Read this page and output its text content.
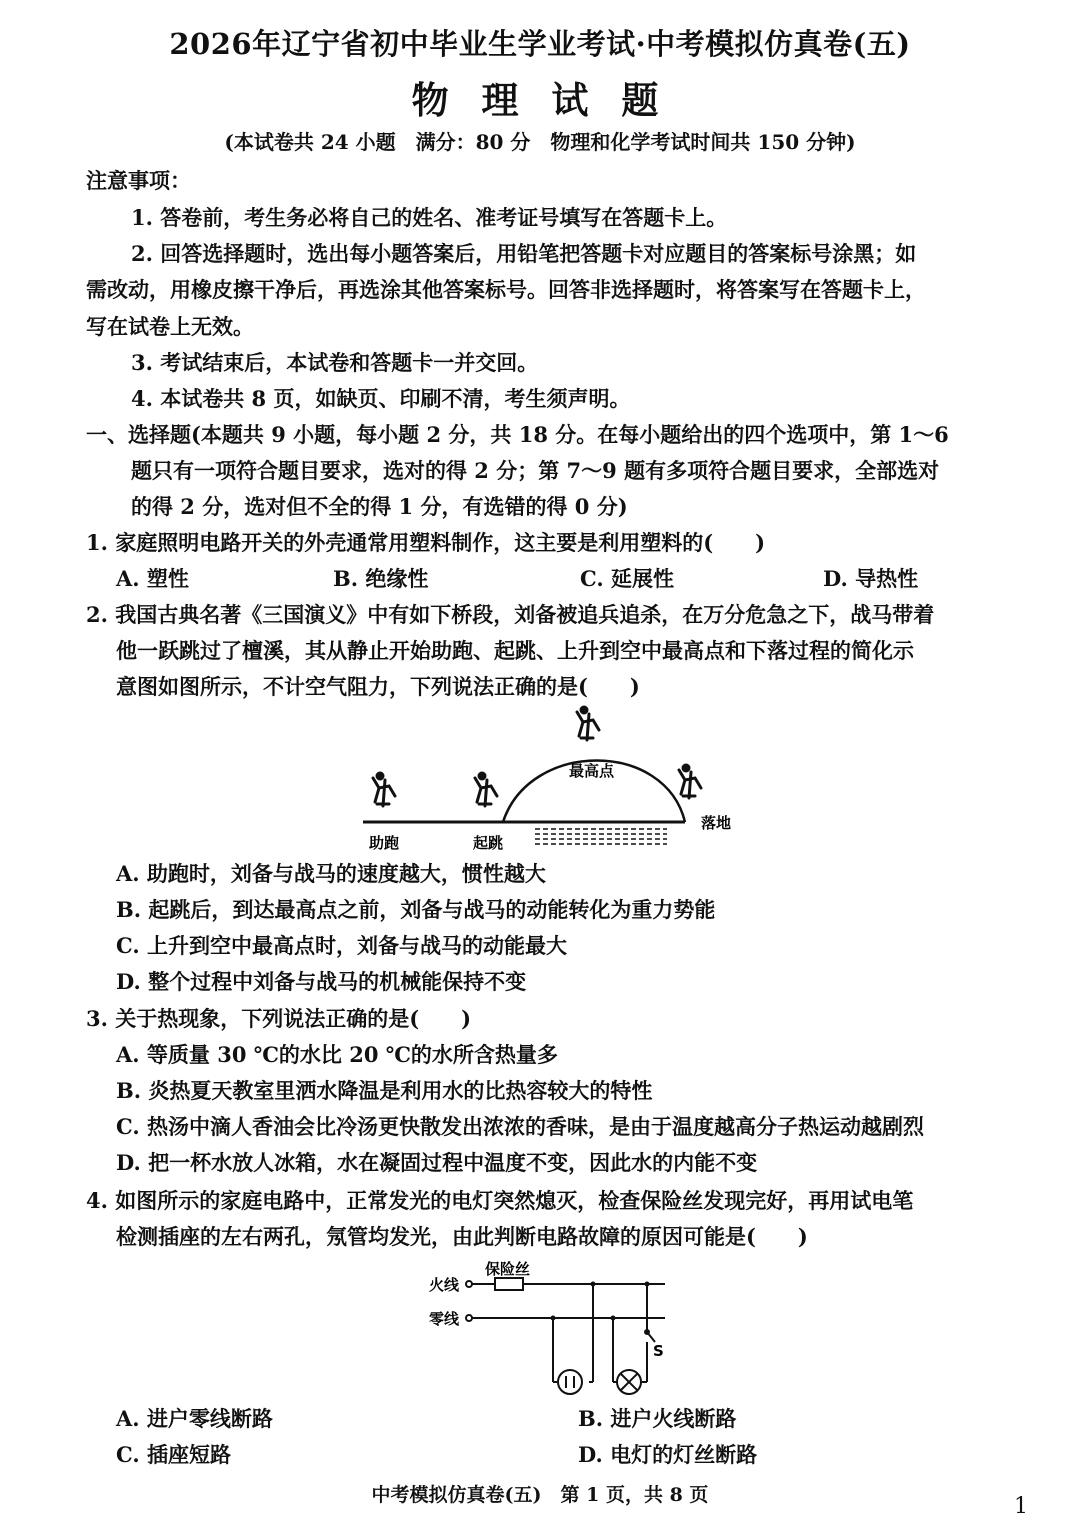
2026年辽宁省初中毕业生学业考试·中考模拟仿真卷(五)
物 理 试 题
(本试卷共 24 小题　满分：80 分　物理和化学考试时间共 150 分钟)
注意事项：
1. 答卷前，考生务必将自己的姓名、准考证号填写在答题卡上。
2. 回答选择题时，选出每小题答案后，用铅笔把答题卡对应题目的答案标号涂黑；如
需改动，用橡皮擦干净后，再选涂其他答案标号。回答非选择题时，将答案写在答题卡上，
写在试卷上无效。
3. 考试结束后，本试卷和答题卡一并交回。
4. 本试卷共 8 页，如缺页、印刷不清，考生须声明。
一、选择题(本题共 9 小题，每小题 2 分，共 18 分。在每小题给出的四个选项中，第 1～6
题只有一项符合题目要求，选对的得 2 分；第 7～9 题有多项符合题目要求，全部选对
的得 2 分，选对但不全的得 1 分，有选错的得 0 分)
1. 家庭照明电路开关的外壳通常用塑料制作，这主要是利用塑料的(　　)
A. 塑性	B. 绝缘性	C. 延展性	D. 导热性
2. 我国古典名著《三国演义》中有如下桥段，刘备被追兵追杀，在万分危急之下，战马带着
他一跃跳过了檀溪，其从静止开始助跑、起跳、上升到空中最高点和下落过程的简化示
意图如图所示，不计空气阻力，下列说法正确的是(　　)
助跑	起跳
最高点
落地
A. 助跑时，刘备与战马的速度越大，惯性越大
B. 起跳后，到达最高点之前，刘备与战马的动能转化为重力势能
C. 上升到空中最高点时，刘备与战马的动能最大
D. 整个过程中刘备与战马的机械能保持不变
3. 关于热现象，下列说法正确的是(　　)
A. 等质量 30 ℃的水比 20 ℃的水所含热量多
B. 炎热夏天教室里洒水降温是利用水的比热容较大的特性
C. 热汤中滴人香油会比冷汤更快散发出浓浓的香味，是由于温度越高分子热运动越剧烈
D. 把一杯水放人冰箱，水在凝固过程中温度不变，因此水的内能不变
4. 如图所示的家庭电路中，正常发光的电灯突然熄灭，检查保险丝发现完好，再用试电笔
检测插座的左右两孔，氖管均发光，由此判断电路故障的原因可能是(　　)
火线
零线
保险丝
S
A. 进户零线断路	B. 进户火线断路
C. 插座短路	D. 电灯的灯丝断路
中考模拟仿真卷(五)　第 1 页，共 8 页	1
